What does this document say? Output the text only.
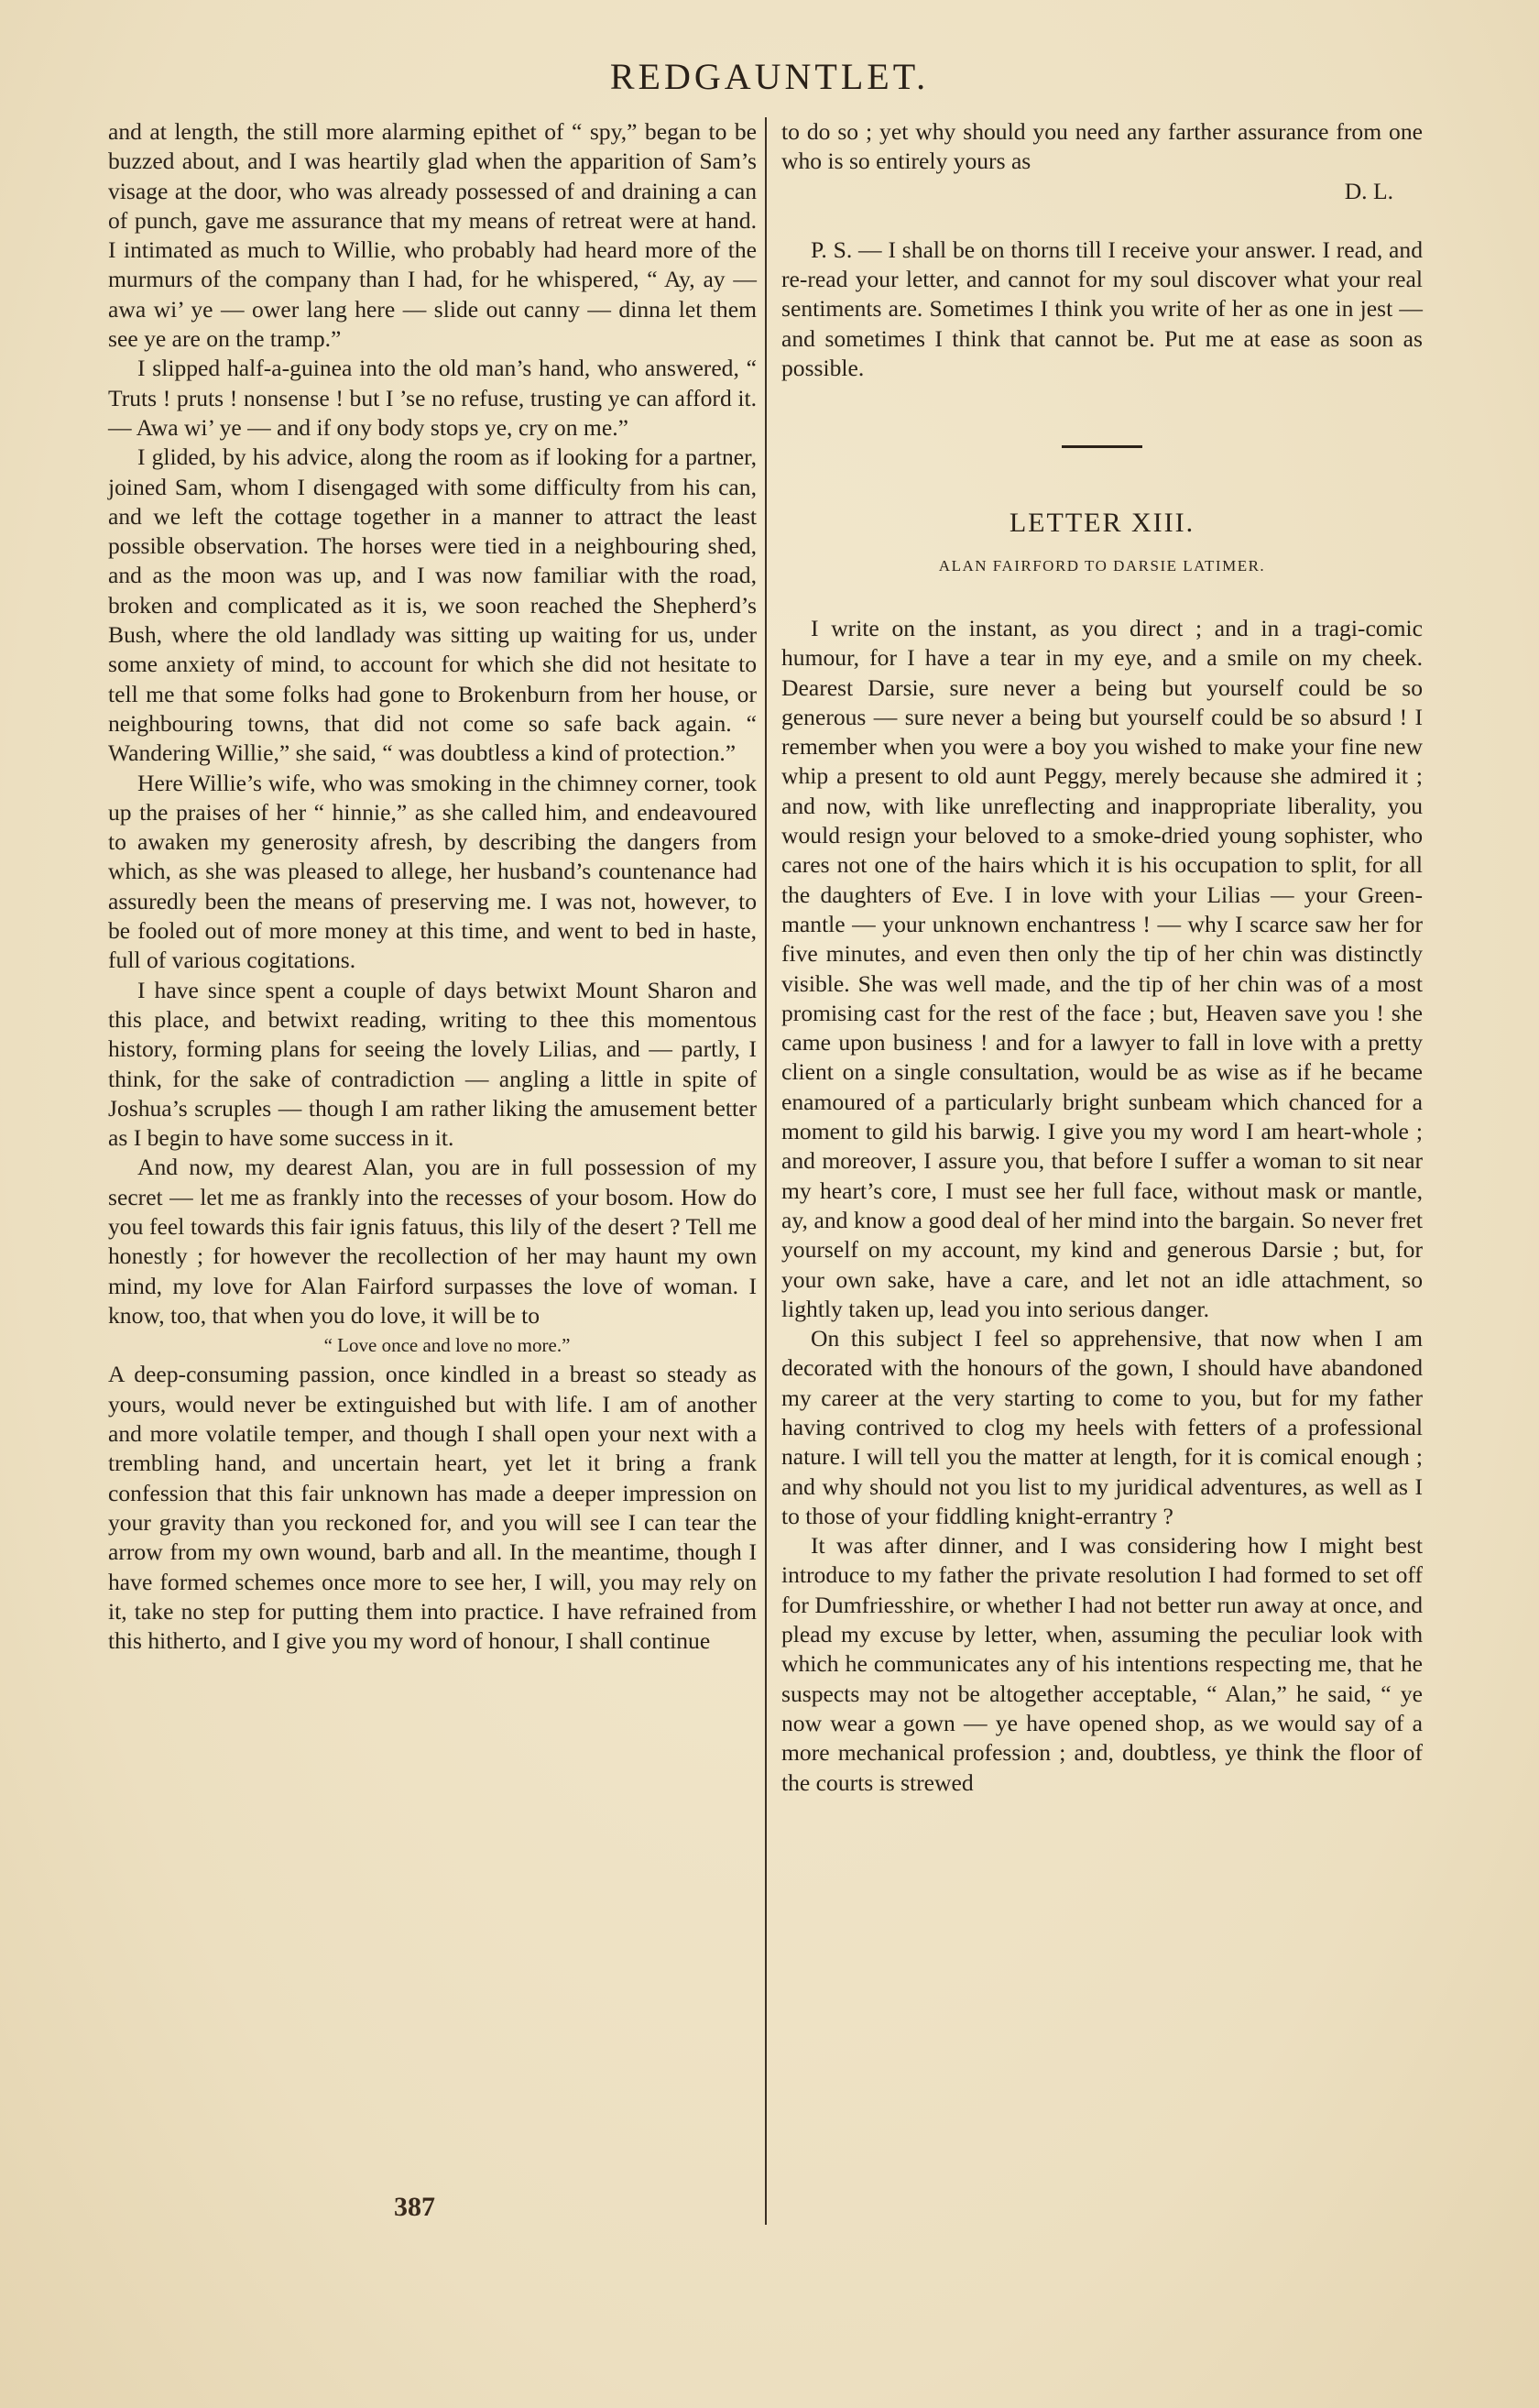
REDGAUNTLET.

and at length, the still more alarming epithet of “ spy,” began to be buzzed about, and I was heartily glad when the apparition of Sam’s visage at the door, who was already possessed of and draining a can of punch, gave me assurance that my means of retreat were at hand. I intimated as much to Willie, who probably had heard more of the murmurs of the company than I had, for he whispered, “ Ay, ay — awa wi’ ye — ower lang here — slide out canny — dinna let them see ye are on the tramp.”

I slipped half-a-guinea into the old man’s hand, who answered, “ Truts ! pruts ! nonsense ! but I ’se no refuse, trusting ye can afford it. — Awa wi’ ye — and if ony body stops ye, cry on me.”

I glided, by his advice, along the room as if looking for a partner, joined Sam, whom I disengaged with some difficulty from his can, and we left the cottage together in a manner to attract the least possible observation. The horses were tied in a neighbouring shed, and as the moon was up, and I was now familiar with the road, broken and complicated as it is, we soon reached the Shepherd’s Bush, where the old landlady was sitting up waiting for us, under some anxiety of mind, to account for which she did not hesitate to tell me that some folks had gone to Brokenburn from her house, or neighbouring towns, that did not come so safe back again. “ Wandering Willie,” she said, “ was doubtless a kind of protection.”

Here Willie’s wife, who was smoking in the chimney corner, took up the praises of her “ hinnie,” as she called him, and endeavoured to awaken my generosity afresh, by describing the dangers from which, as she was pleased to allege, her husband’s countenance had assuredly been the means of preserving me. I was not, however, to be fooled out of more money at this time, and went to bed in haste, full of various cogitations.

I have since spent a couple of days betwixt Mount Sharon and this place, and betwixt reading, writing to thee this momentous history, forming plans for seeing the lovely Lilias, and — partly, I think, for the sake of contradiction — angling a little in spite of Joshua’s scruples — though I am rather liking the amusement better as I begin to have some success in it.

And now, my dearest Alan, you are in full possession of my secret — let me as frankly into the recesses of your bosom. How do you feel towards this fair ignis fatuus, this lily of the desert ? Tell me honestly ; for however the recollection of her may haunt my own mind, my love for Alan Fairford surpasses the love of woman. I know, too, that when you do love, it will be to

“ Love once and love no more.”

A deep-consuming passion, once kindled in a breast so steady as yours, would never be extinguished but with life. I am of another and more volatile temper, and though I shall open your next with a trembling hand, and uncertain heart, yet let it bring a frank confession that this fair unknown has made a deeper impression on your gravity than you reckoned for, and you will see I can tear the arrow from my own wound, barb and all. In the meantime, though I have formed schemes once more to see her, I will, you may rely on it, take no step for putting them into practice. I have refrained from this hitherto, and I give you my word of honour, I shall continue

to do so ; yet why should you need any farther assurance from one who is so entirely yours as

D. L.

P. S. — I shall be on thorns till I receive your answer. I read, and re-read your letter, and cannot for my soul discover what your real sentiments are. Sometimes I think you write of her as one in jest — and sometimes I think that cannot be. Put me at ease as soon as possible.

LETTER XIII.
ALAN FAIRFORD TO DARSIE LATIMER.

I write on the instant, as you direct ; and in a tragi-comic humour, for I have a tear in my eye, and a smile on my cheek. Dearest Darsie, sure never a being but yourself could be so generous — sure never a being but yourself could be so absurd ! I remember when you were a boy you wished to make your fine new whip a present to old aunt Peggy, merely because she admired it ; and now, with like unreflecting and inappropriate liberality, you would resign your beloved to a smoke-dried young sophister, who cares not one of the hairs which it is his occupation to split, for all the daughters of Eve. I in love with your Lilias — your Green-mantle — your unknown enchantress ! — why I scarce saw her for five minutes, and even then only the tip of her chin was distinctly visible. She was well made, and the tip of her chin was of a most promising cast for the rest of the face ; but, Heaven save you ! she came upon business ! and for a lawyer to fall in love with a pretty client on a single consultation, would be as wise as if he became enamoured of a particularly bright sunbeam which chanced for a moment to gild his barwig. I give you my word I am heart-whole ; and moreover, I assure you, that before I suffer a woman to sit near my heart’s core, I must see her full face, without mask or mantle, ay, and know a good deal of her mind into the bargain. So never fret yourself on my account, my kind and generous Darsie ; but, for your own sake, have a care, and let not an idle attachment, so lightly taken up, lead you into serious danger.

On this subject I feel so apprehensive, that now when I am decorated with the honours of the gown, I should have abandoned my career at the very starting to come to you, but for my father having contrived to clog my heels with fetters of a professional nature. I will tell you the matter at length, for it is comical enough ; and why should not you list to my juridical adventures, as well as I to those of your fiddling knight-errantry ?

It was after dinner, and I was considering how I might best introduce to my father the private resolution I had formed to set off for Dumfriesshire, or whether I had not better run away at once, and plead my excuse by letter, when, assuming the peculiar look with which he communicates any of his intentions respecting me, that he suspects may not be altogether acceptable, “ Alan,” he said, “ ye now wear a gown — ye have opened shop, as we would say of a more mechanical profession ; and, doubtless, ye think the floor of the courts is strewed

387
